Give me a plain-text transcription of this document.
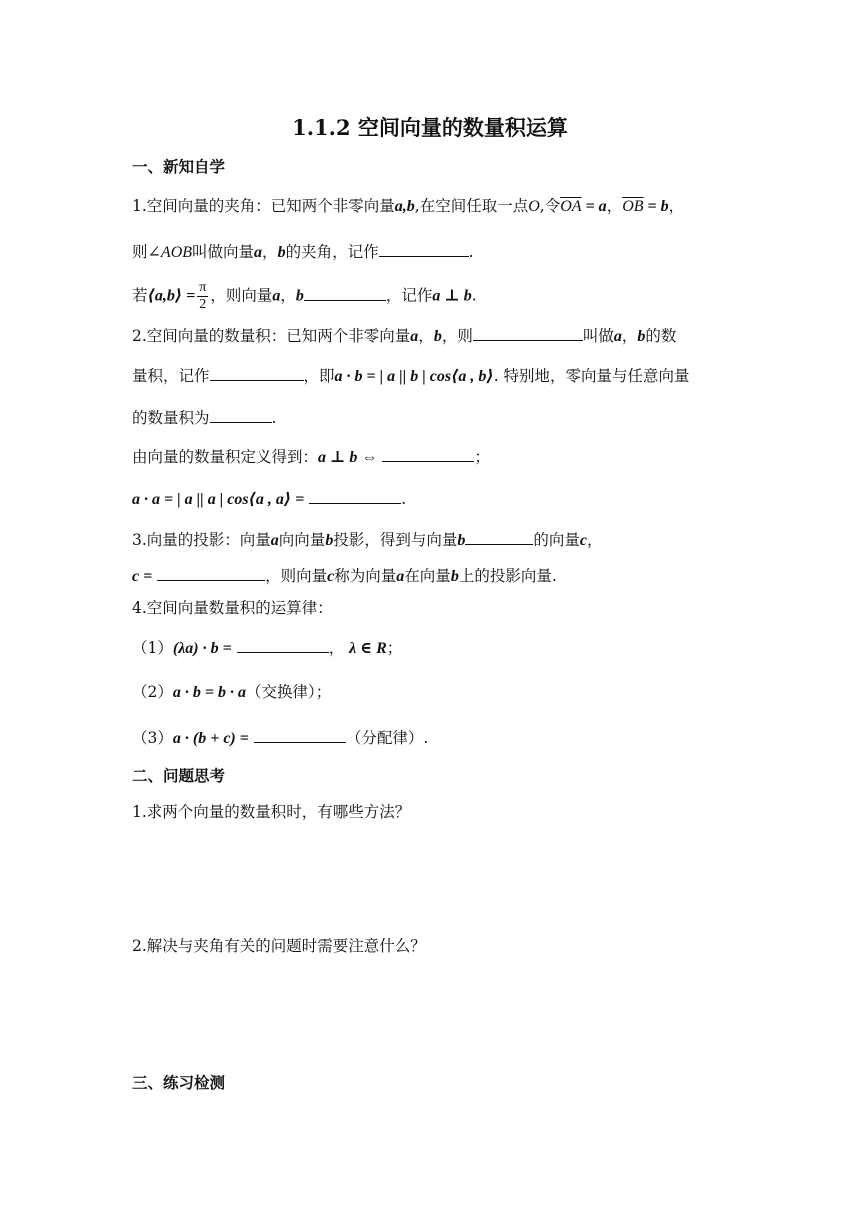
1.1.2 空间向量的数量积运算
一、新知自学
1.空间向量的夹角：已知两个非零向量a,b,在空间任取一点O,令$\overline{OA} = a$，$\overline{OB} = b$，
则∠AOB叫做向量a，b的夹角，记作	.
若⟨a,b⟩ = $\frac{\pi}{2}$ ，则向量a，b	，记作a ⊥ b.
2.空间向量的数量积：已知两个非零向量a，b，则	叫做a，b的数
量积，记作	，即a · b = | a || b | cos⟨a , b⟩. 特别地，零向量与任意向量
的数量积为	.
由向量的数量积定义得到：a ⊥ b ⇔	；
a · a = | a || a | cos⟨a , a⟩ =	.
3.向量的投影：向量a向向量b投影，得到与向量b	的向量c，
c =	，则向量c称为向量a在向量b上的投影向量.
4.空间向量数量积的运算律：
（1）(λa) · b =	， λ ∈ R；
（2）a · b = b · a（交换律）；
（3）a · (b + c) =	（分配律）.
二、问题思考
1.求两个向量的数量积时，有哪些方法？
2.解决与夹角有关的问题时需要注意什么？
三、练习检测
